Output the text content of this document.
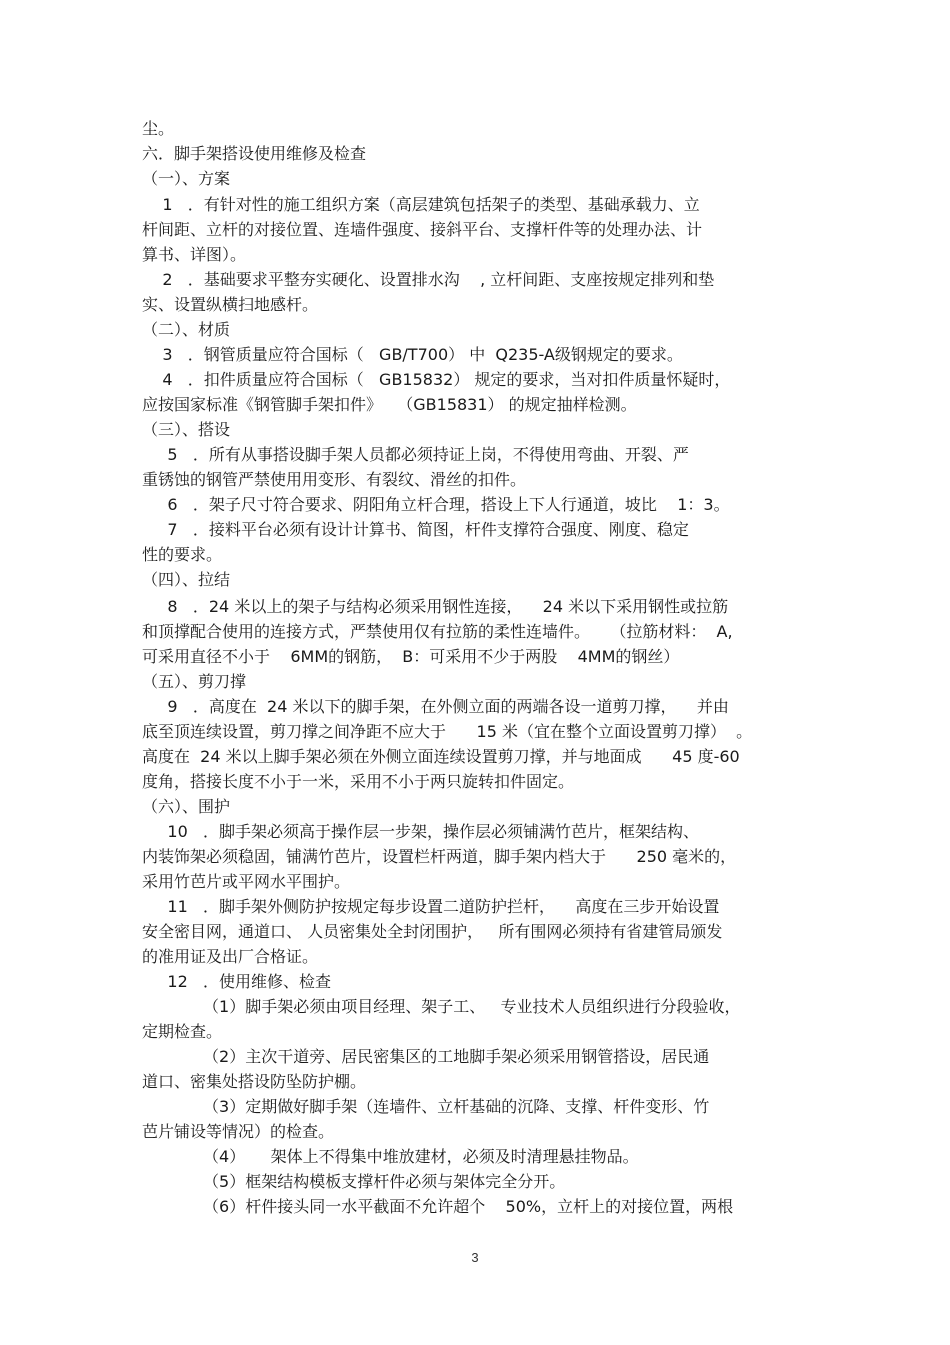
尘。
六．脚手架搭设使用维修及检查
（一）、方案
1   ．有针对性的施工组织方案（高层建筑包括架子的类型、基础承载力、立
杆间距、立杆的对接位置、连墙件强度、接斜平台、支撑杆件等的处理办法、计
算书、详图）。
2   ．基础要求平整夯实硬化、设置排水沟    , 立杆间距、支座按规定排列和垫
实、设置纵横扫地感杆。
（二）、材质
3   ．钢管质量应符合国标（   GB/T700） 中  Q235-A级钢规定的要求。
4   ．扣件质量应符合国标（   GB15832） 规定的要求，当对扣件质量怀疑时，
应按国家标准《钢管脚手架扣件》   （GB15831） 的规定抽样检测。
（三）、搭设
5   ．所有从事搭设脚手架人员都必须持证上岗，不得使用弯曲、开裂、严
重锈蚀的钢管严禁使用用变形、有裂纹、滑丝的扣件。
6   ．架子尺寸符合要求、阴阳角立杆合理，搭设上下人行通道，坡比    1：3。
7   ．接料平台必须有设计计算书、简图，杆件支撑符合强度、刚度、稳定
性的要求。
（四）、拉结
8   ．24 米以上的架子与结构必须采用钢性连接，    24 米以下采用钢性或拉筋
和顶撑配合使用的连接方式，严禁使用仅有拉筋的柔性连墙件。    （拉筋材料：  A,
可采用直径不小于    6MM的钢筋，  B：可采用不少于两股    4MM的钢丝）
（五）、剪刀撑
9   ．高度在  24 米以下的脚手架，在外侧立面的两端各设一道剪刀撑，    并由
底至顶连续设置，剪刀撑之间净距不应大于      15 米（宜在整个立面设置剪刀撑）  。
高度在  24 米以上脚手架必须在外侧立面连续设置剪刀撑，并与地面成      45 度-60
度角，搭接长度不小于一米，采用不小于两只旋转扣件固定。
（六）、围护
10   ．脚手架必须高于操作层一步架，操作层必须铺满竹芭片，框架结构、
内装饰架必须稳固，铺满竹芭片，设置栏杆两道，脚手架内档大于      250 毫米的，
采用竹芭片或平网水平围护。
11   ．脚手架外侧防护按规定每步设置二道防护拦杆，    高度在三步开始设置
安全密目网，通道口、 人员密集处全封闭围护，   所有围网必须持有省建管局颁发
的准用证及出厂合格证。
12   ．使用维修、检查
（1）脚手架必须由项目经理、架子工、   专业技术人员组织进行分段验收，
定期检查。
（2）主次干道旁、居民密集区的工地脚手架必须采用钢管搭设，居民通
道口、密集处搭设防坠防护棚。
（3）定期做好脚手架（连墙件、立杆基础的沉降、支撑、杆件变形、竹
芭片铺设等情况）的检查。
（4）     架体上不得集中堆放建材，必须及时清理悬挂物品。
（5）框架结构模板支撑杆件必须与架体完全分开。
（6）杆件接头同一水平截面不允许超个    50%，立杆上的对接位置，两根
3
